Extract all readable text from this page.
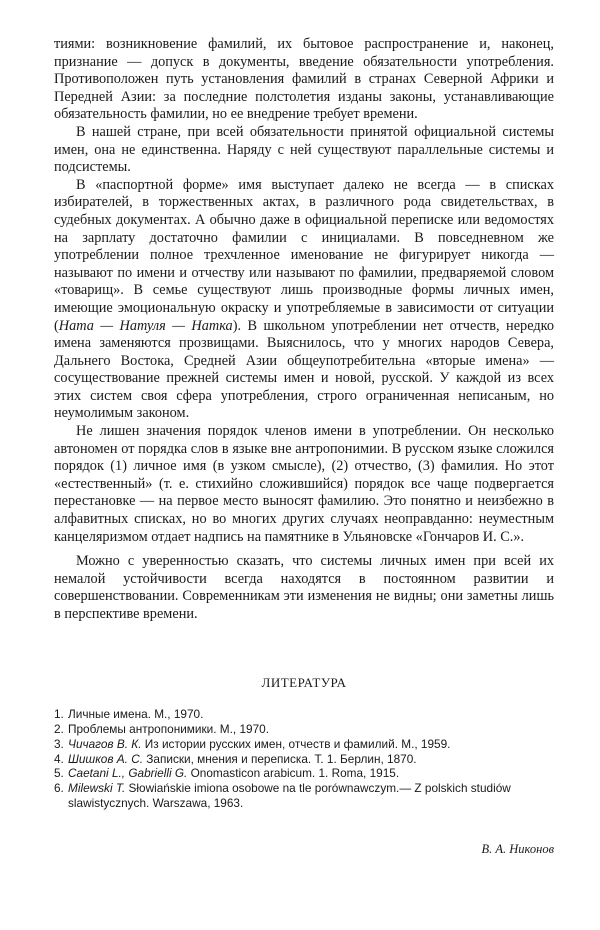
тиями: возникновение фамилий, их бытовое распространение и, наконец, признание — допуск в документы, введение обязательности употребления. Противоположен путь установления фамилий в странах Северной Африки и Передней Азии: за последние полстолетия изданы законы, устанавливающие обязательность фамилии, но ее внедрение требует времени.

В нашей стране, при всей обязательности принятой официальной системы имен, она не единственна. Наряду с ней существуют параллельные системы и подсистемы.

В «паспортной форме» имя выступает далеко не всегда — в списках избирателей, в торжественных актах, в различного рода свидетельствах, в судебных документах. А обычно даже в официальной переписке или ведомостях на зарплату достаточно фамилии с инициалами. В повседневном же употреблении полное трехчленное именование не фигурирует никогда — называют по имени и отчеству или называют по фамилии, предваряемой словом «товарищ». В семье существуют лишь производные формы личных имен, имеющие эмоциональную окраску и употребляемые в зависимости от ситуации (Ната — Натуля — Натка). В школьном употреблении нет отчеств, нередко имена заменяются прозвищами. Выяснилось, что у многих народов Севера, Дальнего Востока, Средней Азии общеупотребительна «вторые имена» — сосуществование прежней системы имен и новой, русской. У каждой из всех этих систем своя сфера употребления, строго ограниченная неписаным, но неумолимым законом.

Не лишен значения порядок членов имени в употреблении. Он несколько автономен от порядка слов в языке вне антропонимии. В русском языке сложился порядок (1) личное имя (в узком смысле), (2) отчество, (3) фамилия. Но этот «естественный» (т. е. стихийно сложившийся) порядок все чаще подвергается перестановке — на первое место выносят фамилию. Это понятно и неизбежно в алфавитных списках, но во многих других случаях неоправданно: неуместным канцеляризмом отдает надпись на памятнике в Ульяновске «Гончаров И. С.».

Можно с уверенностью сказать, что системы личных имен при всей их немалой устойчивости всегда находятся в постоянном развитии и совершенствовании. Современникам эти изменения не видны; они заметны лишь в перспективе времени.

ЛИТЕРАТУРА
1. Личные имена. М., 1970.
2. Проблемы антропонимики. М., 1970.
3. Чичагов В. К. Из истории русских имен, отчеств и фамилий. М., 1959.
4. Шишков А. С. Записки, мнения и переписка. Т. 1. Берлин, 1870.
5. Caetani L., Gabrielli G. Onomasticon arabicum. 1. Roma, 1915.
6. Milewski T. Słowiańskie imiona osobowe na tle porównawczym.— Z polskich studiów slawistycznych. Warszawa, 1963.
В. А. Никонов
